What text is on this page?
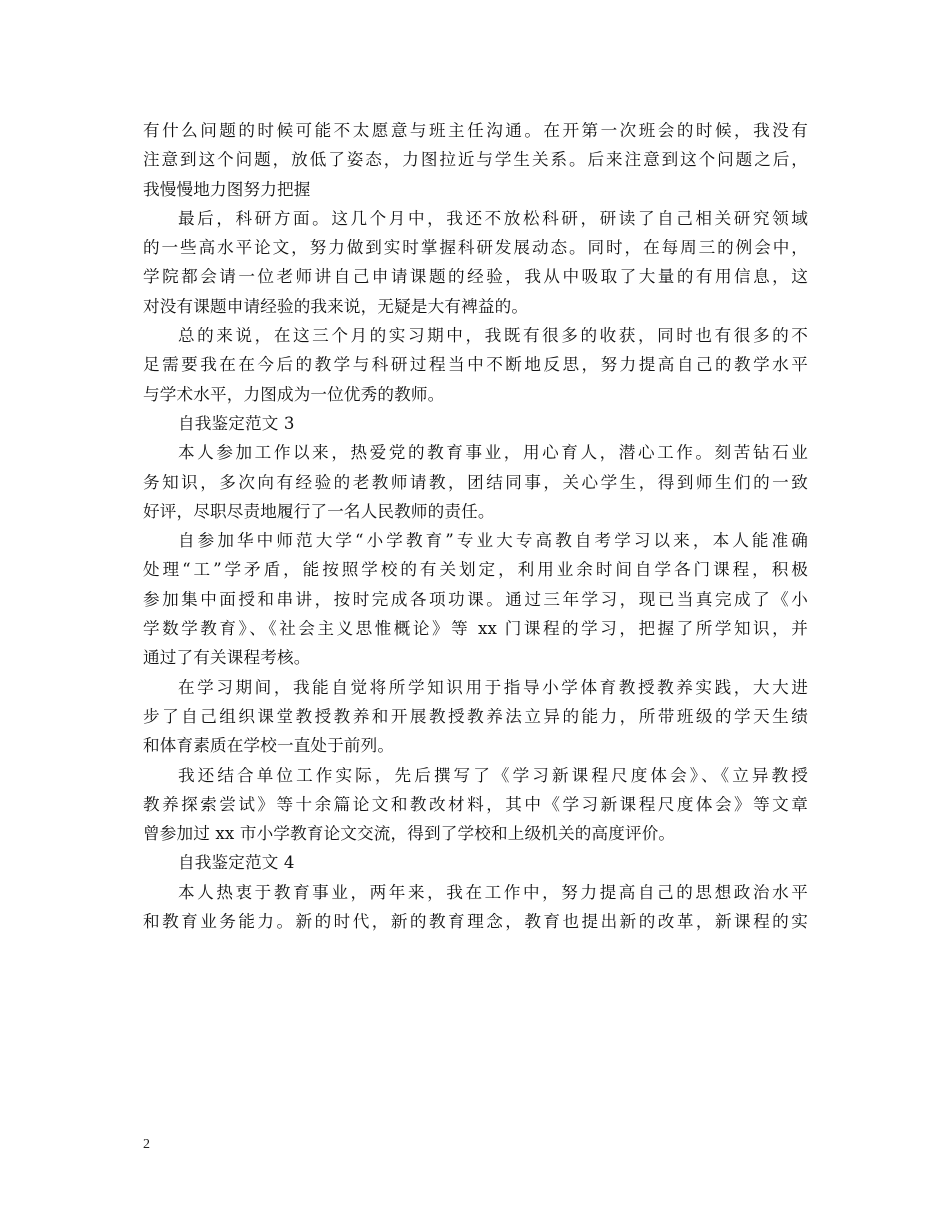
有什么问题的时候可能不太愿意与班主任沟通。在开第一次班会的时候，我没有
注意到这个问题，放低了姿态，力图拉近与学生关系。后来注意到这个问题之后，
我慢慢地力图努力把握
最后，科研方面。这几个月中，我还不放松科研，研读了自己相关研究领域
的一些高水平论文，努力做到实时掌握科研发展动态。同时，在每周三的例会中，
学院都会请一位老师讲自己申请课题的经验，我从中吸取了大量的有用信息，这
对没有课题申请经验的我来说，无疑是大有裨益的。
总的来说，在这三个月的实习期中，我既有很多的收获，同时也有很多的不
足需要我在在今后的教学与科研过程当中不断地反思，努力提高自己的教学水平
与学术水平，力图成为一位优秀的教师。
自我鉴定范文 3
本人参加工作以来，热爱党的教育事业，用心育人，潜心工作。刻苦钻石业
务知识，多次向有经验的老教师请教，团结同事，关心学生，得到师生们的一致
好评，尽职尽责地履行了一名人民教师的责任。
自参加华中师范大学“小学教育”专业大专高教自考学习以来，本人能准确
处理“工”学矛盾，能按照学校的有关划定，利用业余时间自学各门课程，积极
参加集中面授和串讲，按时完成各项功课。通过三年学习，现已当真完成了《小
学数学教育》、《社会主义思惟概论》等 xx 门课程的学习，把握了所学知识，并
通过了有关课程考核。
在学习期间，我能自觉将所学知识用于指导小学体育教授教养实践，大大进
步了自己组织课堂教授教养和开展教授教养法立异的能力，所带班级的学天生绩
和体育素质在学校一直处于前列。
我还结合单位工作实际，先后撰写了《学习新课程尺度体会》、《立异教授
教养探索尝试》等十余篇论文和教改材料，其中《学习新课程尺度体会》等文章
曾参加过 xx 市小学教育论文交流，得到了学校和上级机关的高度评价。
自我鉴定范文 4
本人热衷于教育事业，两年来，我在工作中，努力提高自己的思想政治水平
和教育业务能力。新的时代，新的教育理念，教育也提出新的改革，新课程的实
2
